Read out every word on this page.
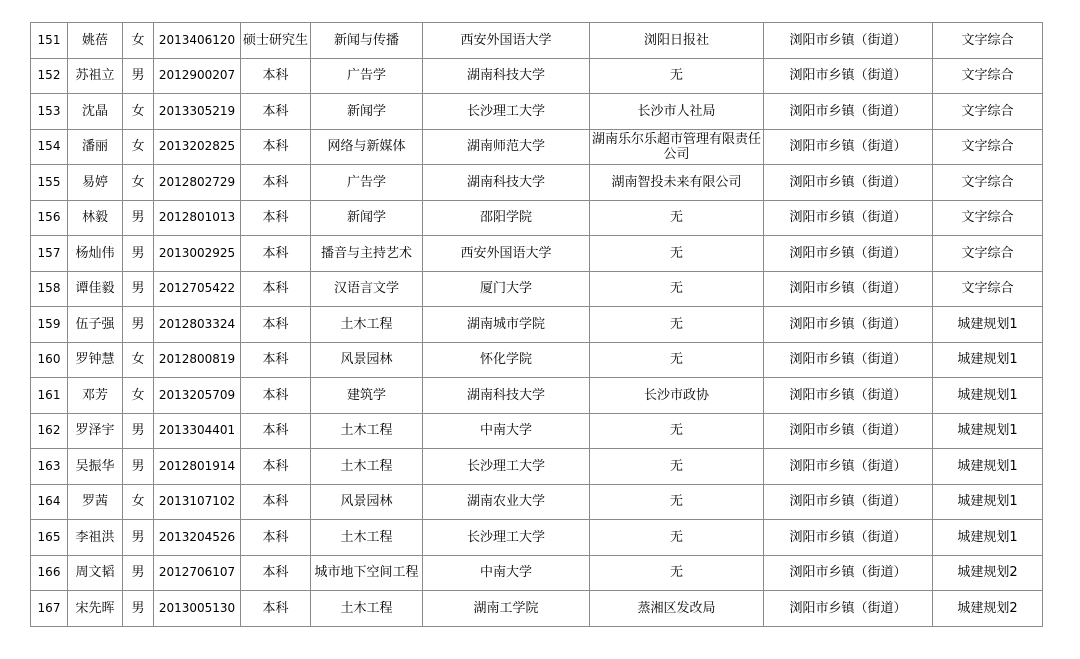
151	姚蓓	女	2013406120	硕士研究生	新闻与传播	西安外国语大学	浏阳日报社	浏阳市乡镇（街道）	文字综合
152	苏祖立	男	2012900207	本科	广告学	湖南科技大学	无	浏阳市乡镇（街道）	文字综合
153	沈晶	女	2013305219	本科	新闻学	长沙理工大学	长沙市人社局	浏阳市乡镇（街道）	文字综合
154	潘丽	女	2013202825	本科	网络与新媒体	湖南师范大学	湖南乐尔乐超市管理有限责任公司	浏阳市乡镇（街道）	文字综合
155	易婷	女	2012802729	本科	广告学	湖南科技大学	湖南智投未来有限公司	浏阳市乡镇（街道）	文字综合
156	林毅	男	2012801013	本科	新闻学	邵阳学院	无	浏阳市乡镇（街道）	文字综合
157	杨灿伟	男	2013002925	本科	播音与主持艺术	西安外国语大学	无	浏阳市乡镇（街道）	文字综合
158	谭佳毅	男	2012705422	本科	汉语言文学	厦门大学	无	浏阳市乡镇（街道）	文字综合
159	伍子强	男	2012803324	本科	土木工程	湖南城市学院	无	浏阳市乡镇（街道）	城建规划1
160	罗钟慧	女	2012800819	本科	风景园林	怀化学院	无	浏阳市乡镇（街道）	城建规划1
161	邓芳	女	2013205709	本科	建筑学	湖南科技大学	长沙市政协	浏阳市乡镇（街道）	城建规划1
162	罗泽宇	男	2013304401	本科	土木工程	中南大学	无	浏阳市乡镇（街道）	城建规划1
163	吴振华	男	2012801914	本科	土木工程	长沙理工大学	无	浏阳市乡镇（街道）	城建规划1
164	罗茜	女	2013107102	本科	风景园林	湖南农业大学	无	浏阳市乡镇（街道）	城建规划1
165	李祖洪	男	2013204526	本科	土木工程	长沙理工大学	无	浏阳市乡镇（街道）	城建规划1
166	周文韬	男	2012706107	本科	城市地下空间工程	中南大学	无	浏阳市乡镇（街道）	城建规划2
167	宋先晖	男	2013005130	本科	土木工程	湖南工学院	蒸湘区发改局	浏阳市乡镇（街道）	城建规划2
